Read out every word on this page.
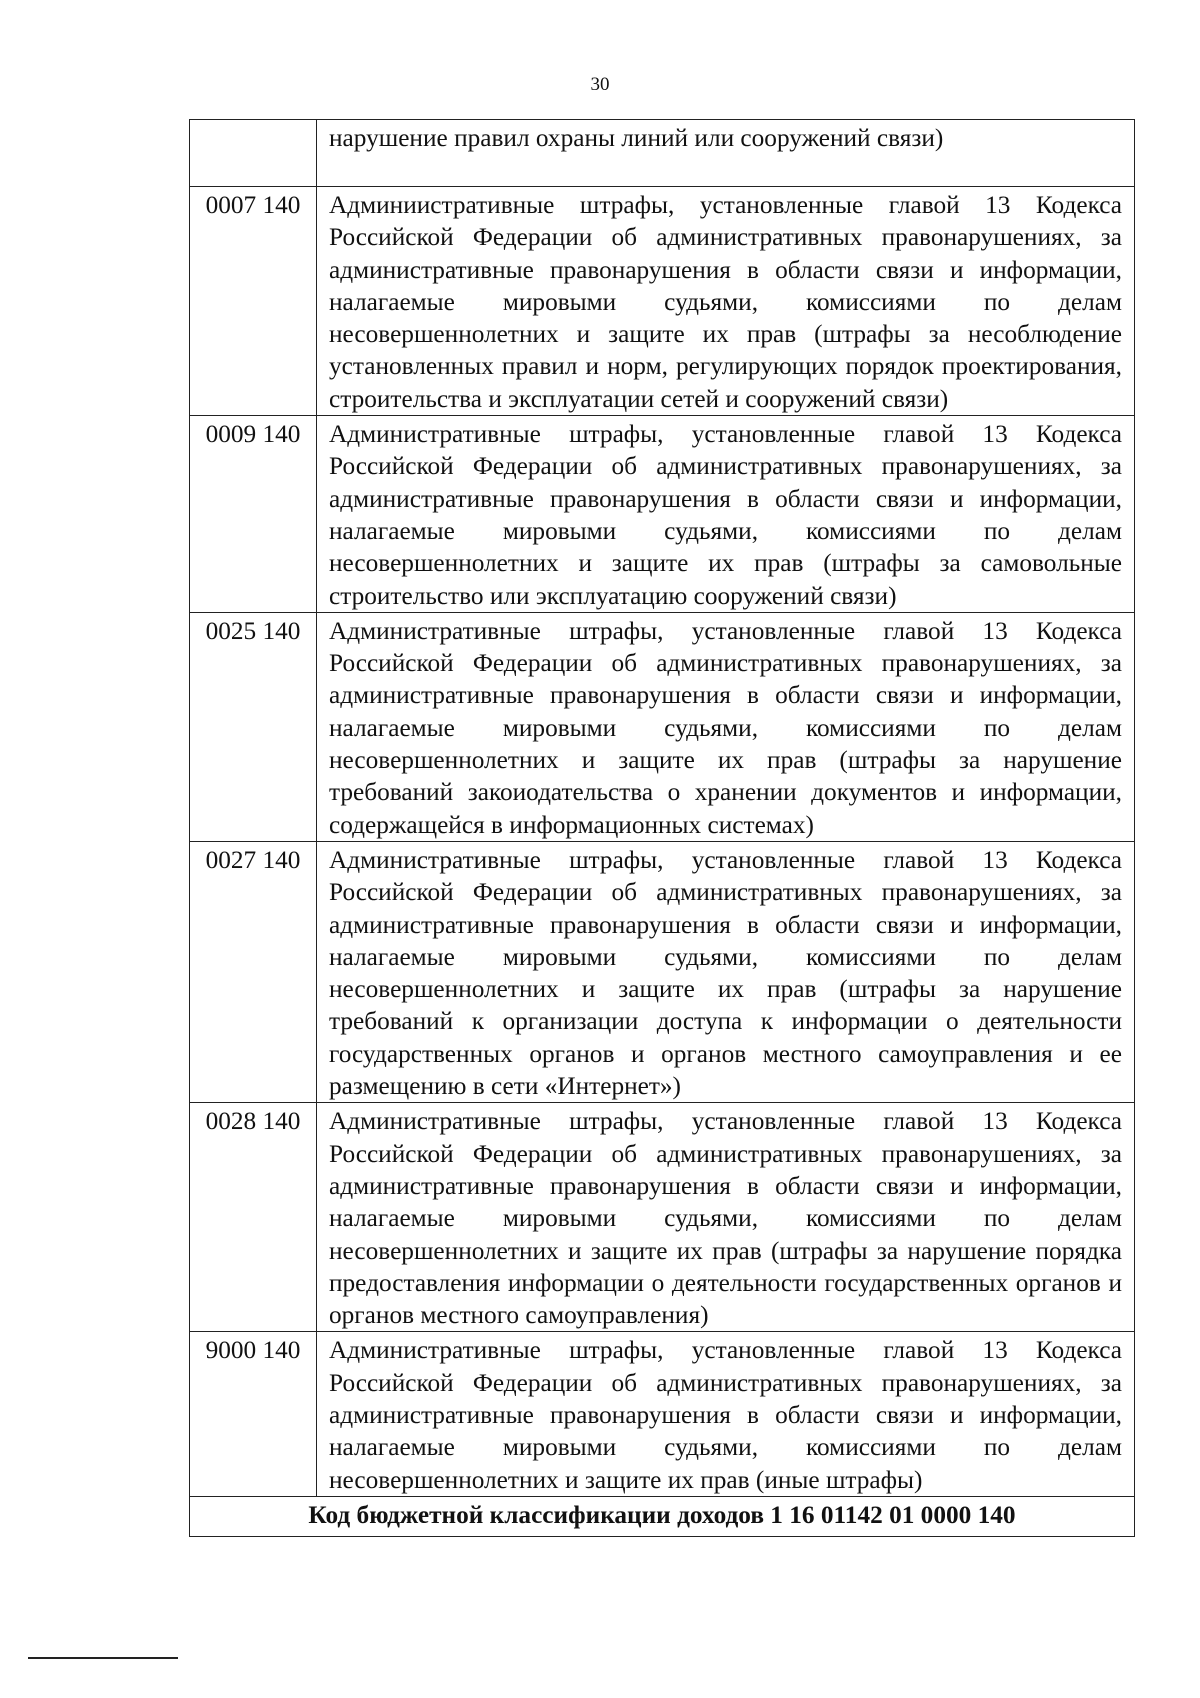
30
	нарушение правил охраны линий или сооружений связи)
0007 140	Админиистративные штрафы, установленные главой 13 Кодекса Российской Федерации об административных правонарушениях, за административные правонарушения в области связи и информации, налагаемые мировыми судьями, комиссиями по делам несовершеннолетних и защите их прав (штрафы за несоблюдение установленных правил и норм, регулирующих порядок проектирования, строительства и эксплуатации сетей и сооружений связи)
0009 140	Административные штрафы, установленные главой 13 Кодекса Российской Федерации об административных правонарушениях, за административные правонарушения в области связи и информации, налагаемые мировыми судьями, комиссиями по делам несовершеннолетних и защите их прав (штрафы за самовольные строительство или эксплуатацию сооружений связи)
0025 140	Административные штрафы, установленные главой 13 Кодекса Российской Федерации об административных правонарушениях, за административные правонарушения в области связи и информации, налагаемые мировыми судьями, комиссиями по делам несовершеннолетних и защите их прав (штрафы за нарушение требований закоиодательства о хранении документов и информации, содержащейся в информационных системах)
0027 140	Административные штрафы, установленные главой 13 Кодекса Российской Федерации об административных правонарушениях, за административные правонарушения в области связи и информации, налагаемые мировыми судьями, комиссиями по делам несовершеннолетних и защите их прав (штрафы за нарушение требований к организации доступа к информации о деятельности государственных органов и органов местного самоуправления и ее размещению в сети «Интернет»)
0028 140	Административные штрафы, установленные главой 13 Кодекса Российской Федерации об административных правонарушениях, за административные правонарушения в области связи и информации, налагаемые мировыми судьями, комиссиями по делам несовершеннолетних и защите их прав (штрафы за нарушение порядка предоставления информации о деятельности государственных органов и органов местного самоуправления)
9000 140	Административные штрафы, установленные главой 13 Кодекса Российской Федерации об административных правонарушениях, за административные правонарушения в области связи и информации, налагаемые мировыми судьями, комиссиями по делам несовершеннолетних и защите их прав (иные штрафы)
Код бюджетной классификации доходов 1 16 01142 01 0000 140	
